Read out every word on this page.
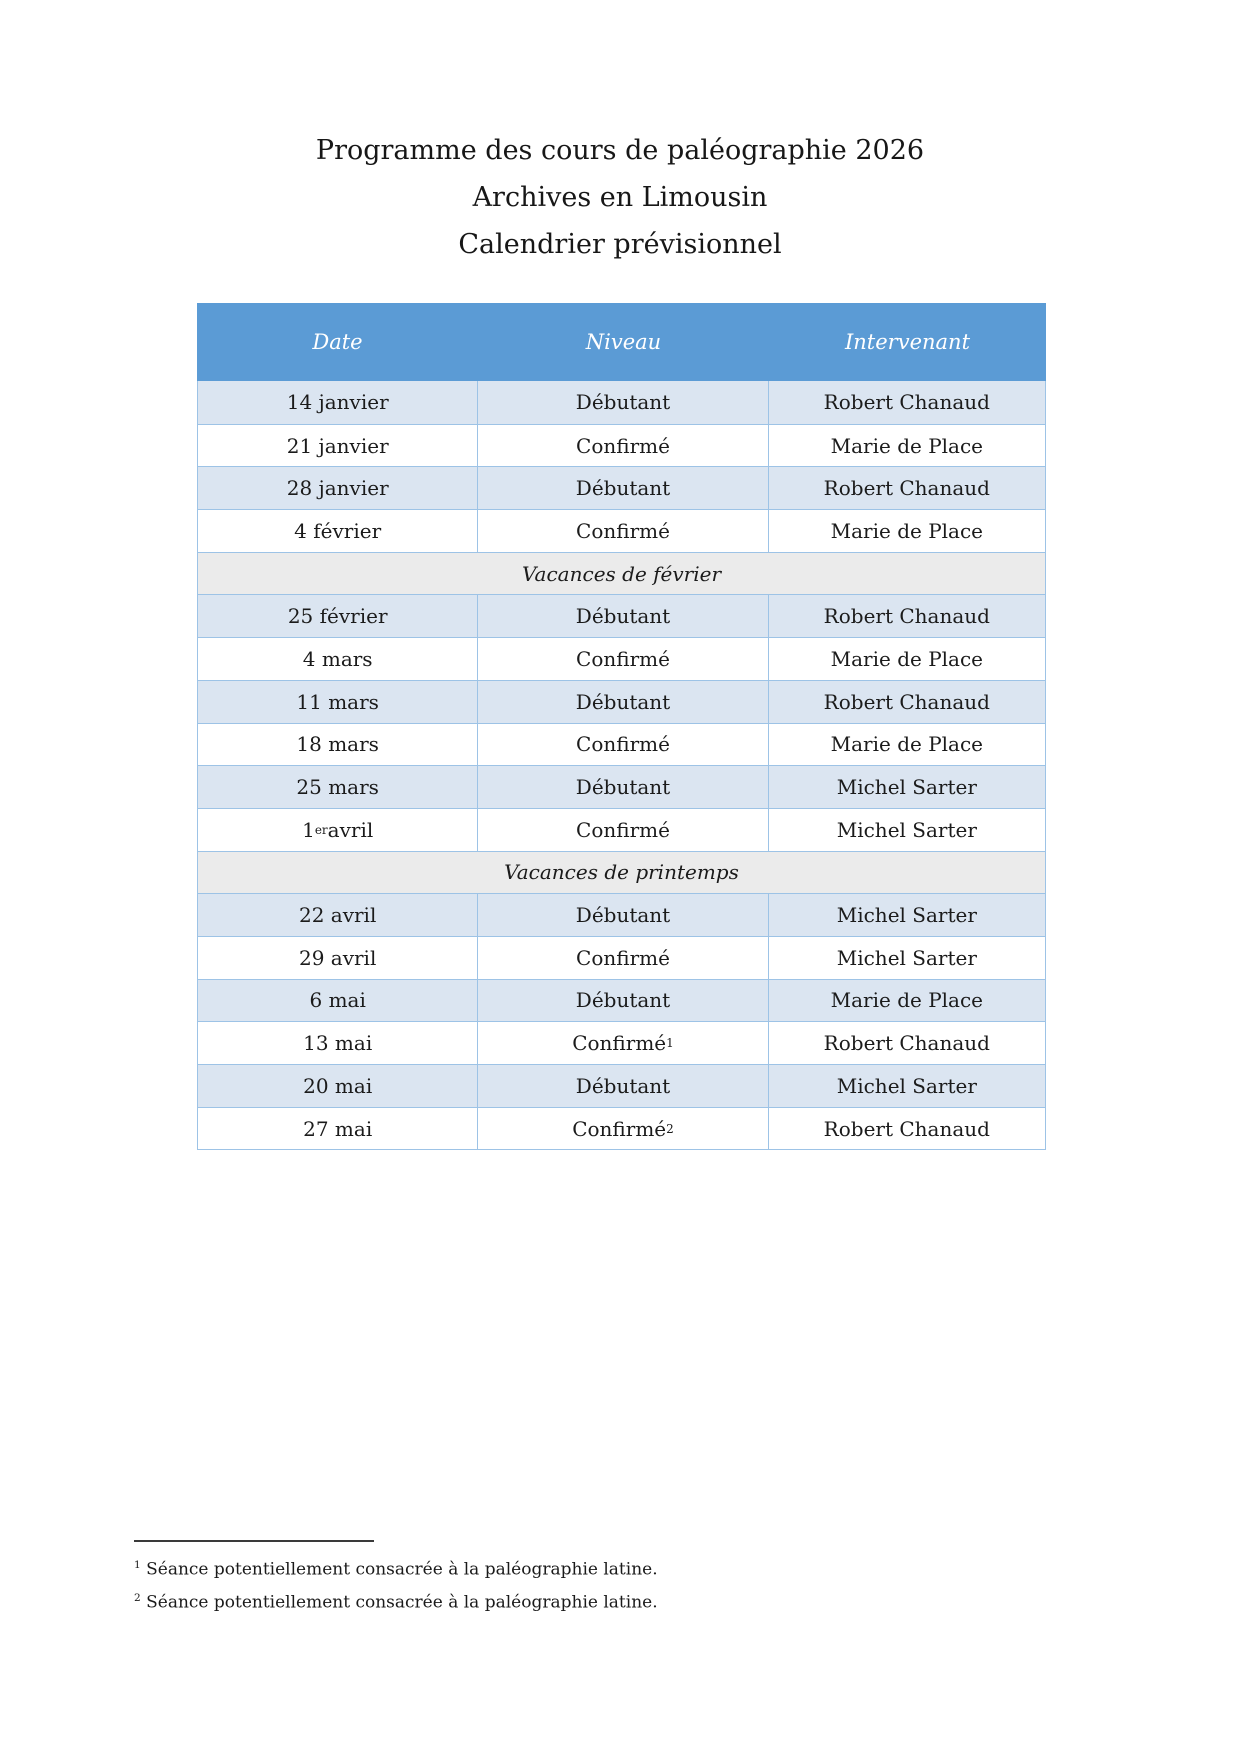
Programme des cours de paléographie 2026
Archives en Limousin
Calendrier prévisionnel
Date	Niveau	Intervenant
14 janvier	Débutant	Robert Chanaud
21 janvier	Confirmé	Marie de Place
28 janvier	Débutant	Robert Chanaud
4 février	Confirmé	Marie de Place
Vacances de février
25 février	Débutant	Robert Chanaud
4 mars	Confirmé	Marie de Place
11 mars	Débutant	Robert Chanaud
18 mars	Confirmé	Marie de Place
25 mars	Débutant	Michel Sarter
1 er avril	Confirmé	Michel Sarter
Vacances de printemps
22 avril	Débutant	Michel Sarter
29 avril	Confirmé	Michel Sarter
6 mai	Débutant	Marie de Place
13 mai	Confirmé 1	Robert Chanaud
20 mai	Débutant	Michel Sarter
27 mai	Confirmé 2	Robert Chanaud
$^1$ Séance potentiellement consacrée à la paléographie latine.
$^2$ Séance potentiellement consacrée à la paléographie latine.
